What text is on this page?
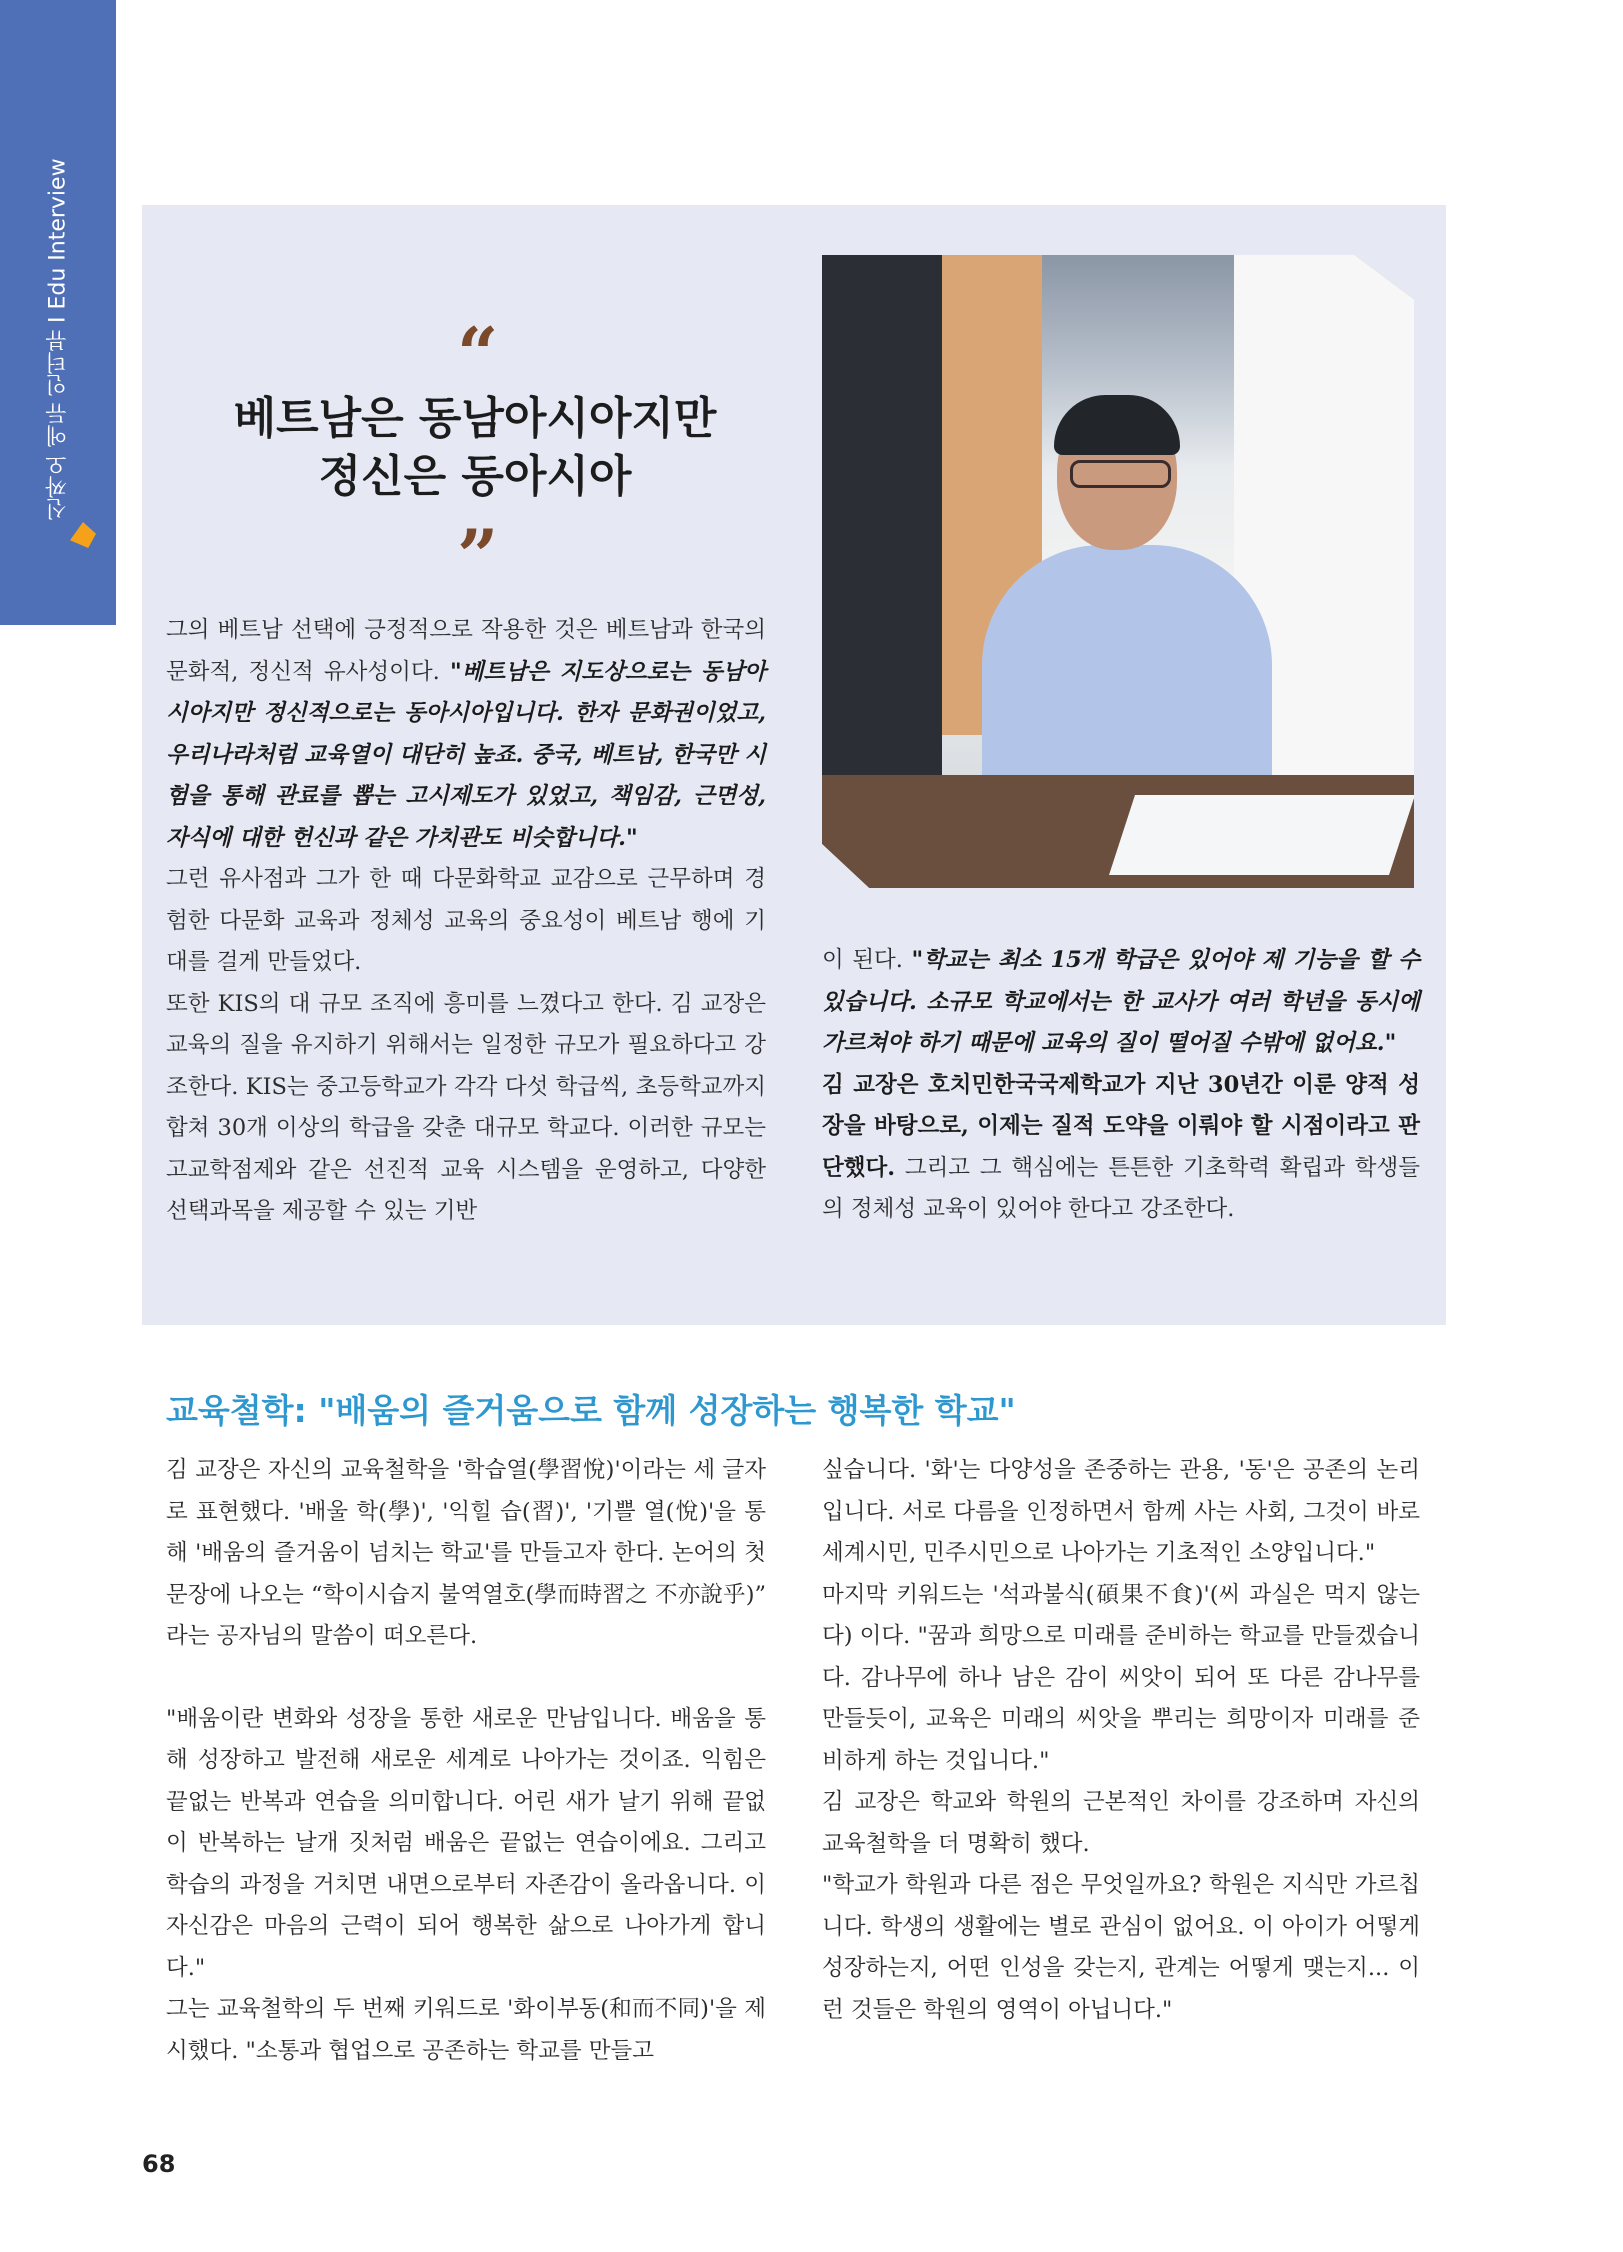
신짜오 에듀 인터뷰 I Edu Interview	“
베트남은 동남아시아지만
정신은 동아시아
”

그의 베트남 선택에 긍정적으로 작용한 것은 베트남과 한국의 문화적, 정신적 유사성이다. "베트남은 지도상으로는 동남아시아지만 정신적으로는 동아시아입니다. 한자 문화권이었고, 우리나라처럼 교육열이 대단히 높죠. 중국, 베트남, 한국만 시험을 통해 관료를 뽑는 고시제도가 있었고, 책임감, 근면성, 자식에 대한 헌신과 같은 가치관도 비슷합니다."

그런 유사점과 그가 한 때 다문화학교 교감으로 근무하며 경험한 다문화 교육과 정체성 교육의 중요성이 베트남 행에 기대를 걸게 만들었다.

또한 KIS의 대 규모 조직에 흥미를 느꼈다고 한다. 김 교장은 교육의 질을 유지하기 위해서는 일정한 규모가 필요하다고 강조한다. KIS는 중고등학교가 각각 다섯 학급씩, 초등학교까지 합쳐 30개 이상의 학급을 갖춘 대규모 학교다. 이러한 규모는 고교학점제와 같은 선진적 교육 시스템을 운영하고, 다양한 선택과목을 제공할 수 있는 기반

이 된다. "학교는 최소 15개 학급은 있어야 제 기능을 할 수 있습니다. 소규모 학교에서는 한 교사가 여러 학년을 동시에 가르쳐야 하기 때문에 교육의 질이 떨어질 수밖에 없어요."

김 교장은 호치민한국국제학교가 지난 30년간 이룬 양적 성장을 바탕으로, 이제는 질적 도약을 이뤄야 할 시점이라고 판단했다. 그리고 그 핵심에는 튼튼한 기초학력 확립과 학생들의 정체성 교육이 있어야 한다고 강조한다.

교육철학: "배움의 즐거움으로 함께 성장하는 행복한 학교"

김 교장은 자신의 교육철학을 '학습열(學習悅)'이라는 세 글자로 표현했다. '배울 학(學)', '익힐 습(習)', '기쁠 열(悅)'을 통해 '배움의 즐거움이 넘치는 학교'를 만들고자 한다. 논어의 첫 문장에 나오는 “학이시습지 불역열호(學而時習之 不亦說乎)” 라는 공자님의 말씀이 떠오른다.

"배움이란 변화와 성장을 통한 새로운 만남입니다. 배움을 통해 성장하고 발전해 새로운 세계로 나아가는 것이죠. 익힘은 끝없는 반복과 연습을 의미합니다. 어린 새가 날기 위해 끝없이 반복하는 날개 짓처럼 배움은 끝없는 연습이에요. 그리고 학습의 과정을 거치면 내면으로부터 자존감이 올라옵니다. 이 자신감은 마음의 근력이 되어 행복한 삶으로 나아가게 합니다."

그는 교육철학의 두 번째 키워드로 '화이부동(和而不同)'을 제시했다. "소통과 협업으로 공존하는 학교를 만들고

싶습니다. '화'는 다양성을 존중하는 관용, '동'은 공존의 논리입니다. 서로 다름을 인정하면서 함께 사는 사회, 그것이 바로 세계시민, 민주시민으로 나아가는 기초적인 소양입니다."

마지막 키워드는 '석과불식(碩果不食)'(씨 과실은 먹지 않는다) 이다. "꿈과 희망으로 미래를 준비하는 학교를 만들겠습니다. 감나무에 하나 남은 감이 씨앗이 되어 또 다른 감나무를 만들듯이, 교육은 미래의 씨앗을 뿌리는 희망이자 미래를 준비하게 하는 것입니다."

김 교장은 학교와 학원의 근본적인 차이를 강조하며 자신의 교육철학을 더 명확히 했다.

"학교가 학원과 다른 점은 무엇일까요? 학원은 지식만 가르칩니다. 학생의 생활에는 별로 관심이 없어요. 이 아이가 어떻게 성장하는지, 어떤 인성을 갖는지, 관계는 어떻게 맺는지... 이런 것들은 학원의 영역이 아닙니다."

68
